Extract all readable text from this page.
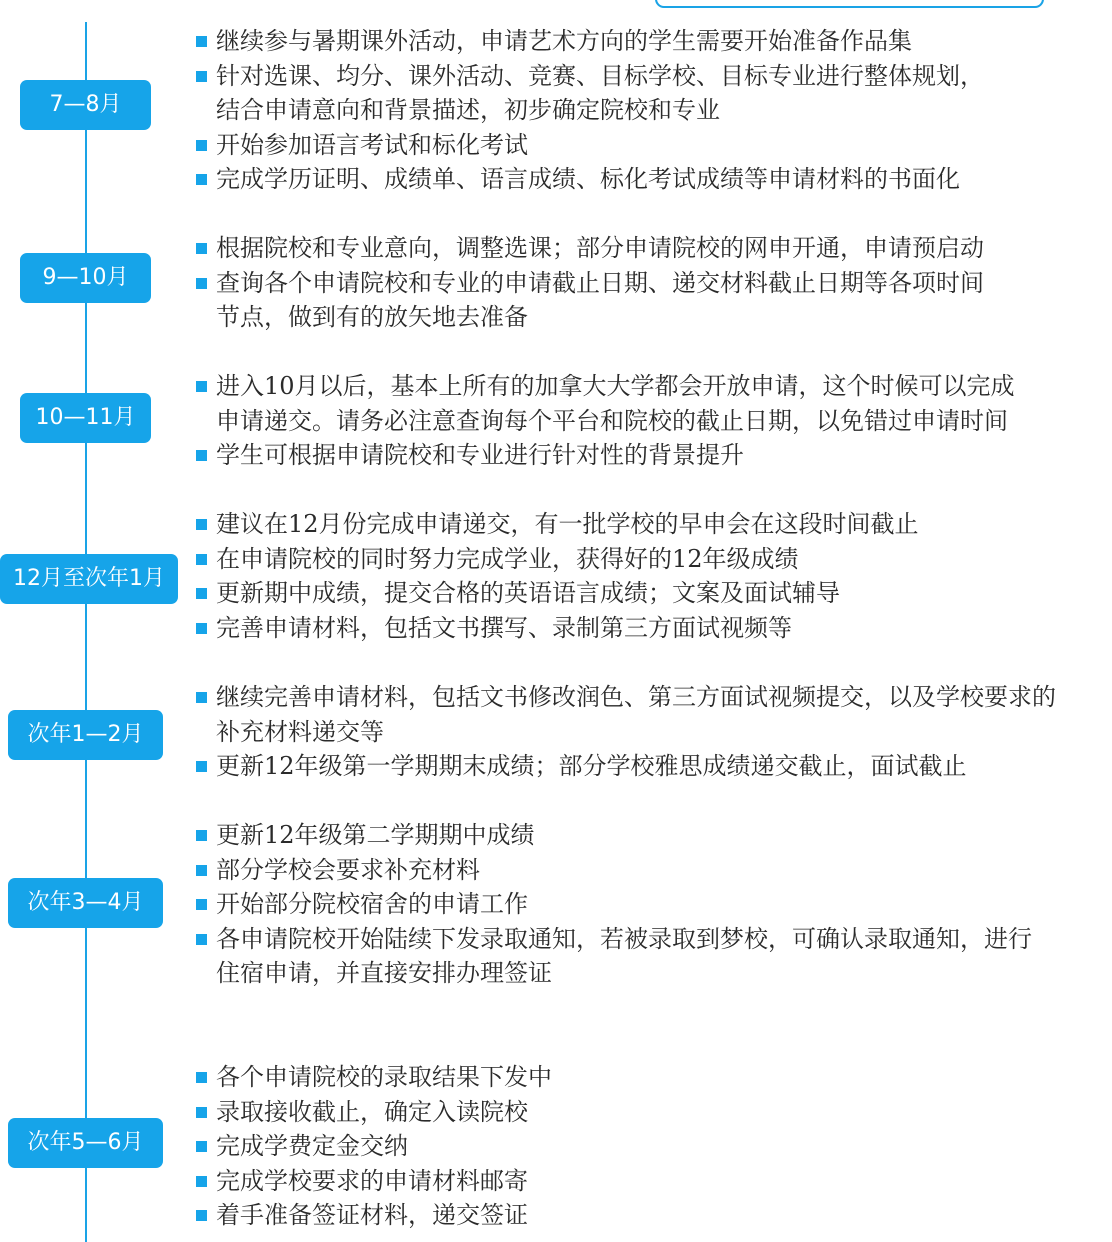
7—8月
继续参与暑期课外活动，申请艺术方向的学生需要开始准备作品集
针对选课、均分、课外活动、竞赛、目标学校、目标专业进行整体规划，
结合申请意向和背景描述，初步确定院校和专业
开始参加语言考试和标化考试
完成学历证明、成绩单、语言成绩、标化考试成绩等申请材料的书面化
9—10月
根据院校和专业意向，调整选课；部分申请院校的网申开通，申请预启动
查询各个申请院校和专业的申请截止日期、递交材料截止日期等各项时间
节点，做到有的放矢地去准备
10—11月
进入10月以后，基本上所有的加拿大大学都会开放申请，这个时候可以完成
申请递交。请务必注意查询每个平台和院校的截止日期，以免错过申请时间
学生可根据申请院校和专业进行针对性的背景提升
12月至次年1月
建议在12月份完成申请递交，有一批学校的早申会在这段时间截止
在申请院校的同时努力完成学业，获得好的12年级成绩
更新期中成绩，提交合格的英语语言成绩；文案及面试辅导
完善申请材料，包括文书撰写、录制第三方面试视频等
次年1—2月
继续完善申请材料，包括文书修改润色、第三方面试视频提交，以及学校要求的
补充材料递交等
更新12年级第一学期期末成绩；部分学校雅思成绩递交截止，面试截止
次年3—4月
更新12年级第二学期期中成绩
部分学校会要求补充材料
开始部分院校宿舍的申请工作
各申请院校开始陆续下发录取通知，若被录取到梦校，可确认录取通知，进行
住宿申请，并直接安排办理签证
次年5—6月
各个申请院校的录取结果下发中
录取接收截止，确定入读院校
完成学费定金交纳
完成学校要求的申请材料邮寄
着手准备签证材料，递交签证
